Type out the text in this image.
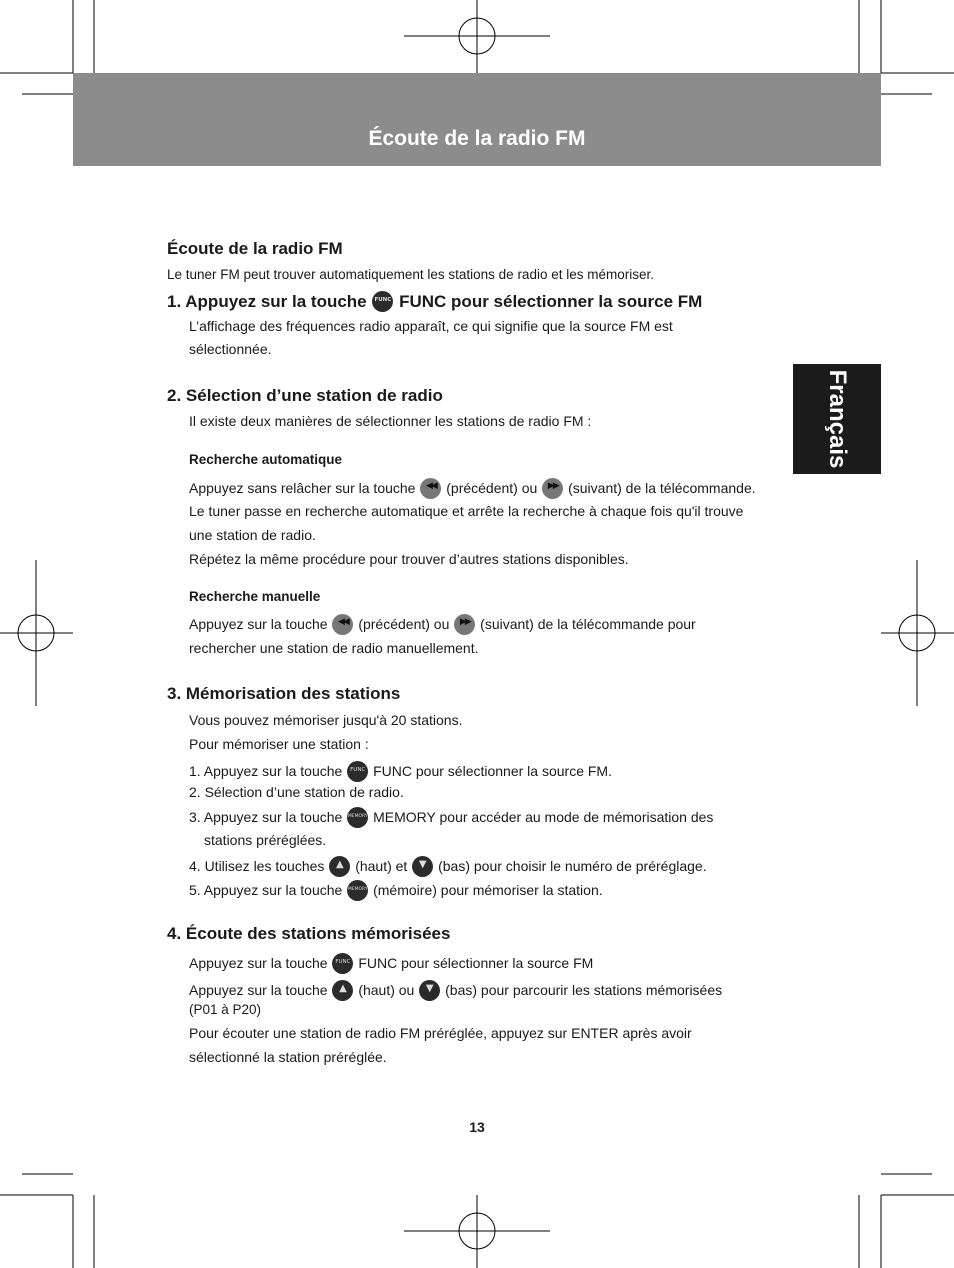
Écoute de la radio FM
Français
Écoute de la radio FM
Le tuner FM peut trouver automatiquement les stations de radio et les mémoriser.
1. Appuyez sur la touche FUNC FUNC pour sélectionner la source FM
L’affichage des fréquences radio apparaît, ce qui signifie que la source FM est
sélectionnée.
2. Sélection d’une station de radio
Il existe deux manières de sélectionner les stations de radio FM :
Recherche automatique
Appuyez sans relâcher sur la touche ◀◀ (précédent) ou ▶▶ (suivant) de la télécommande.
Le tuner passe en recherche automatique et arrête la recherche à chaque fois qu'il trouve
une station de radio.
Répétez la même procédure pour trouver d’autres stations disponibles.
Recherche manuelle
Appuyez sur la touche ◀◀ (précédent) ou ▶▶ (suivant) de la télécommande pour
rechercher une station de radio manuellement.
3. Mémorisation des stations
Vous pouvez mémoriser jusqu'à 20 stations.
Pour mémoriser une station :
1. Appuyez sur la touche FUNC FUNC pour sélectionner la source FM.
2. Sélection d’une station de radio.
3. Appuyez sur la touche MEMORY MEMORY pour accéder au mode de mémorisation des
stations préréglées.
4. Utilisez les touches ▲ (haut) et ▼ (bas) pour choisir le numéro de préréglage.
5. Appuyez sur la touche MEMORY (mémoire) pour mémoriser la station.
4. Écoute des stations mémorisées
Appuyez sur la touche FUNC FUNC pour sélectionner la source FM
Appuyez sur la touche ▲ (haut) ou ▼ (bas) pour parcourir les stations mémorisées
(P01 à P20)
Pour écouter une station de radio FM préréglée, appuyez sur ENTER après avoir
sélectionné la station préréglée.
13
